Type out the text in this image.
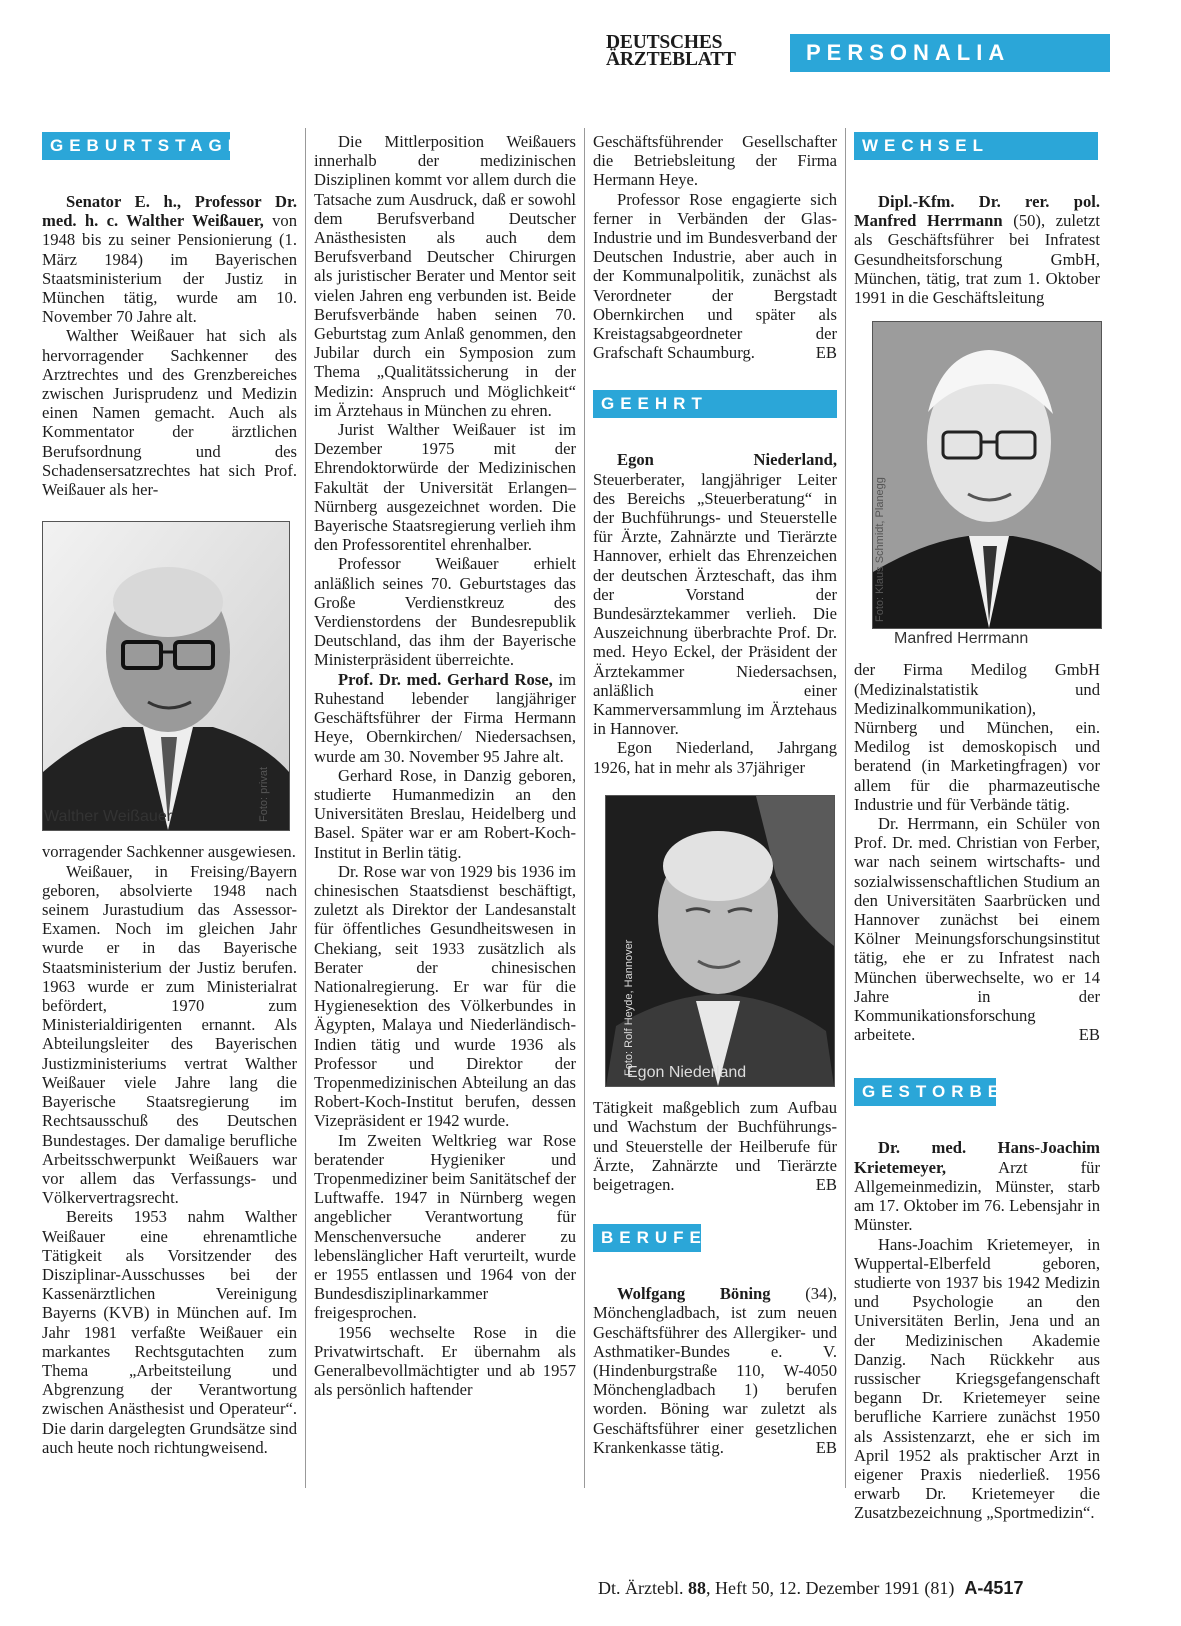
DEUTSCHES
ÄRZTEBLATT	PERSONALIA
GEBURTSTAGE

Senator E. h., Professor Dr. med. h. c. Walther Weißauer, von 1948 bis zu seiner Pensionierung (1. März 1984) im Bayerischen Staatsministerium der Justiz in München tätig, wurde am 10. November 70 Jahre alt.

Walther Weißauer hat sich als hervorragender Sachkenner des Arztrechtes und des Grenzbereiches zwischen Jurisprudenz und Medizin einen Namen gemacht. Auch als Kommentator der ärztlichen Berufsordnung und des Schadensersatzrechtes hat sich Prof. Weißauer als her-

Foto: privat
Walther Weißauer

vorragender Sachkenner ausgewiesen.

Weißauer, in Freising/Bayern geboren, absolvierte 1948 nach seinem Jurastudium das Assessor-Examen. Noch im gleichen Jahr wurde er in das Bayerische Staatsministerium der Justiz berufen. 1963 wurde er zum Ministerialrat befördert, 1970 zum Ministerialdirigenten ernannt. Als Abteilungsleiter des Bayerischen Justizministeriums vertrat Walther Weißauer viele Jahre lang die Bayerische Staatsregierung im Rechtsausschuß des Deutschen Bundestages. Der damalige berufliche Arbeitsschwerpunkt Weißauers war vor allem das Verfassungs- und Völkervertragsrecht.

Bereits 1953 nahm Walther Weißauer eine ehrenamtliche Tätigkeit als Vorsitzender des Disziplinar-Ausschusses bei der Kassenärztlichen Vereinigung Bayerns (KVB) in München auf. Im Jahr 1981 verfaßte Weißauer ein markantes Rechtsgutachten zum Thema „Arbeitsteilung und Abgrenzung der Verantwortung zwischen Anästhesist und Operateur“. Die darin dargelegten Grundsätze sind auch heute noch richtungweisend.

Die Mittlerposition Weißauers innerhalb der medizinischen Disziplinen kommt vor allem durch die Tatsache zum Ausdruck, daß er sowohl dem Berufsverband Deutscher Anästhesisten als auch dem Berufsverband Deutscher Chirurgen als juristischer Berater und Mentor seit vielen Jahren eng verbunden ist. Beide Berufsverbände haben seinen 70. Geburtstag zum Anlaß genommen, den Jubilar durch ein Symposion zum Thema „Qualitätssicherung in der Medizin: Anspruch und Möglichkeit“ im Ärztehaus in München zu ehren.

Jurist Walther Weißauer ist im Dezember 1975 mit der Ehrendoktorwürde der Medizinischen Fakultät der Universität Erlangen–Nürnberg ausgezeichnet worden. Die Bayerische Staatsregierung verlieh ihm den Professorentitel ehrenhalber.

Professor Weißauer erhielt anläßlich seines 70. Geburtstages das Große Verdienstkreuz des Verdienstordens der Bundesrepublik Deutschland, das ihm der Bayerische Ministerpräsident überreichte.

Prof. Dr. med. Gerhard Rose, im Ruhestand lebender langjähriger Geschäftsführer der Firma Hermann Heye, Obernkirchen/ Niedersachsen, wurde am 30. November 95 Jahre alt.

Gerhard Rose, in Danzig geboren, studierte Humanmedizin an den Universitäten Breslau, Heidelberg und Basel. Später war er am Robert-Koch-Institut in Berlin tätig.

Dr. Rose war von 1929 bis 1936 im chinesischen Staatsdienst beschäftigt, zuletzt als Direktor der Landesanstalt für öffentliches Gesundheitswesen in Chekiang, seit 1933 zusätzlich als Berater der chinesischen Nationalregierung. Er war für die Hygienesektion des Völkerbundes in Ägypten, Malaya und Niederländisch-Indien tätig und wurde 1936 als Professor und Direktor der Tropenmedizinischen Abteilung an das Robert-Koch-Institut berufen, dessen Vizepräsident er 1942 wurde.

Im Zweiten Weltkrieg war Rose beratender Hygieniker und Tropenmediziner beim Sanitätschef der Luftwaffe. 1947 in Nürnberg wegen angeblicher Verantwortung für Menschenversuche anderer zu lebenslänglicher Haft verurteilt, wurde er 1955 entlassen und 1964 von der Bundesdisziplinarkammer freigesprochen.

1956 wechselte Rose in die Privatwirtschaft. Er übernahm als Generalbevollmächtigter und ab 1957 als persönlich haftender

Geschäftsführender Gesellschafter die Betriebsleitung der Firma Hermann Heye.

Professor Rose engagierte sich ferner in Verbänden der Glas-Industrie und im Bundesverband der Deutschen Industrie, aber auch in der Kommunalpolitik, zunächst als Verordneter der Bergstadt Obernkirchen und später als Kreistagsabgeordneter der Grafschaft Schaumburg.	EB

GEEHRT

Egon Niederland, Steuerberater, langjähriger Leiter des Bereichs „Steuerberatung“ in der Buchführungs- und Steuerstelle für Ärzte, Zahnärzte und Tierärzte Hannover, erhielt das Ehrenzeichen der deutschen Ärzteschaft, das ihm der Vorstand der Bundesärztekammer verlieh. Die Auszeichnung überbrachte Prof. Dr. med. Heyo Eckel, der Präsident der Ärztekammer Niedersachsen, anläßlich einer Kammerversammlung im Ärztehaus in Hannover.

Egon Niederland, Jahrgang 1926, hat in mehr als 37jähriger

Foto: Rolf Heyde, Hannover
Egon Niederland

Tätigkeit maßgeblich zum Aufbau und Wachstum der Buchführungs- und Steuerstelle der Heilberufe für Ärzte, Zahnärzte und Tierärzte beigetragen.	EB

BERUFEN

Wolfgang Böning (34), Mönchengladbach, ist zum neuen Geschäftsführer des Allergiker- und Asthmatiker-Bundes e. V. (Hindenburgstraße 110, W-4050 Mönchengladbach 1) berufen worden. Böning war zuletzt als Geschäftsführer einer gesetzlichen Krankenkasse tätig.	EB

WECHSEL

Dipl.-Kfm. Dr. rer. pol. Manfred Herrmann (50), zuletzt als Geschäftsführer bei Infratest Gesundheitsforschung GmbH, München, tätig, trat zum 1. Oktober 1991 in die Geschäftsleitung

Foto: Klaus Schmidt, Planegg
Manfred Herrmann

der Firma Medilog GmbH (Medizinalstatistik und Medizinalkommunikation), Nürnberg und München, ein. Medilog ist demoskopisch und beratend (in Marketingfragen) vor allem für die pharmazeutische Industrie und für Verbände tätig.

Dr. Herrmann, ein Schüler von Prof. Dr. med. Christian von Ferber, war nach seinem wirtschafts- und sozialwissenschaftlichen Studium an den Universitäten Saarbrücken und Hannover zunächst bei einem Kölner Meinungsforschungsinstitut tätig, ehe er zu Infratest nach München überwechselte, wo er 14 Jahre in der Kommunikationsforschung arbeitete.	EB

GESTORBEN

Dr. med. Hans-Joachim Krietemeyer, Arzt für Allgemeinmedizin, Münster, starb am 17. Oktober im 76. Lebensjahr in Münster.

Hans-Joachim Krietemeyer, in Wuppertal-Elberfeld geboren, studierte von 1937 bis 1942 Medizin und Psychologie an den Universitäten Berlin, Jena und an der Medizinischen Akademie Danzig. Nach Rückkehr aus russischer Kriegsgefangenschaft begann Dr. Krietemeyer seine berufliche Karriere zunächst 1950 als Assistenzarzt, ehe er sich im April 1952 als praktischer Arzt in eigener Praxis niederließ. 1956 erwarb Dr. Krietemeyer die Zusatzbezeichnung „Sportmedizin“.

Dt. Ärztebl. 88, Heft 50, 12. Dezember 1991 (81) A-4517
